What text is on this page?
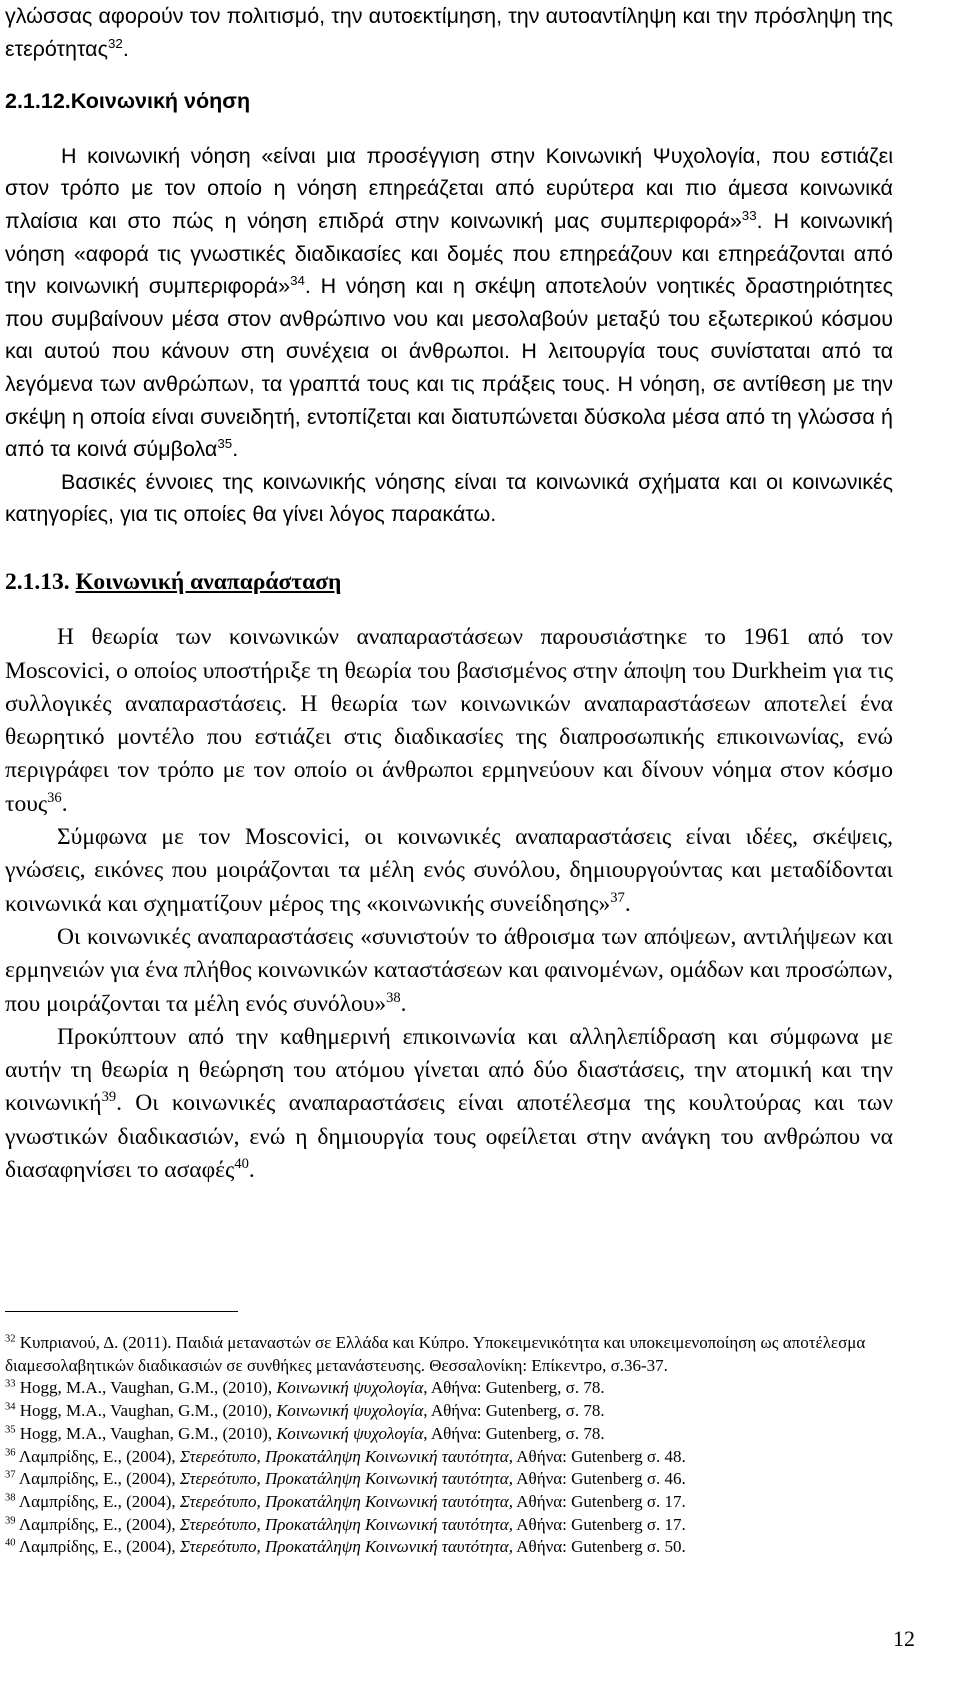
γλώσσας αφορούν τον πολιτισμό, την αυτοεκτίμηση, την αυτοαντίληψη και την πρόσληψη της ετερότητας$^{32}$.

2.1.12.Κοινωνική νόηση

Η κοινωνική νόηση «είναι μια προσέγγιση στην Κοινωνική Ψυχολογία, που εστιάζει στον τρόπο με τον οποίο η νόηση επηρεάζεται από ευρύτερα και πιο άμεσα κοινωνικά πλαίσια και στο πώς η νόηση επιδρά στην κοινωνική μας συμπεριφορά»$^{33}$. Η κοινωνική νόηση «αφορά τις γνωστικές διαδικασίες και δομές που επηρεάζουν και επηρεάζονται από την κοινωνική συμπεριφορά»$^{34}$. Η νόηση και η σκέψη αποτελούν νοητικές δραστηριότητες που συμβαίνουν μέσα στον ανθρώπινο νου και μεσολαβούν μεταξύ του εξωτερικού κόσμου και αυτού που κάνουν στη συνέχεια οι άνθρωποι. Η λειτουργία τους συνίσταται από τα λεγόμενα των ανθρώπων, τα γραπτά τους και τις πράξεις τους. Η νόηση, σε αντίθεση με την σκέψη η οποία είναι συνειδητή, εντοπίζεται και διατυπώνεται δύσκολα μέσα από τη γλώσσα ή από τα κοινά σύμβολα$^{35}$.

Βασικές έννοιες της κοινωνικής νόησης είναι τα κοινωνικά σχήματα και οι κοινωνικές κατηγορίες, για τις οποίες θα γίνει λόγος παρακάτω.

2.1.13. Κοινωνική αναπαράσταση

Η θεωρία των κοινωνικών αναπαραστάσεων παρουσιάστηκε το 1961 από τον Moscovici, ο οποίος υποστήριξε τη θεωρία του βασισμένος στην άποψη του Durkheim για τις συλλογικές αναπαραστάσεις. Η θεωρία των κοινωνικών αναπαραστάσεων αποτελεί ένα θεωρητικό μοντέλο που εστιάζει στις διαδικασίες της διαπροσωπικής επικοινωνίας, ενώ περιγράφει τον τρόπο με τον οποίο οι άνθρωποι ερμηνεύουν και δίνουν νόημα στον κόσμο τους$^{36}$.

Σύμφωνα με τον Moscovici, οι κοινωνικές αναπαραστάσεις είναι ιδέες, σκέψεις, γνώσεις, εικόνες που μοιράζονται τα μέλη ενός συνόλου, δημιουργούντας και μεταδίδονται κοινωνικά και σχηματίζουν μέρος της «κοινωνικής συνείδησης»$^{37}$.

Οι κοινωνικές αναπαραστάσεις «συνιστούν το άθροισμα των απόψεων, αντιλήψεων και ερμηνειών για ένα πλήθος κοινωνικών καταστάσεων και φαινομένων, ομάδων και προσώπων, που μοιράζονται τα μέλη ενός συνόλου»$^{38}$.

Προκύπτουν από την καθημερινή επικοινωνία και αλληλεπίδραση και σύμφωνα με αυτήν τη θεωρία η θεώρηση του ατόμου γίνεται από δύο διαστάσεις, την ατομική και την κοινωνική$^{39}$. Οι κοινωνικές αναπαραστάσεις είναι αποτέλεσμα της κουλτούρας και των γνωστικών διαδικασιών, ενώ η δημιουργία τους οφείλεται στην ανάγκη του ανθρώπου να διασαφηνίσει το ασαφές$^{40}$.

$^{32}$ Κυπριανού, Δ. (2011). Παιδιά μεταναστών σε Ελλάδα και Κύπρο. Υποκειμενικότητα και υποκειμενοποίηση ως αποτέλεσμα διαμεσολαβητικών διαδικασιών σε συνθήκες μετανάστευσης. Θεσσαλονίκη: Επίκεντρο, σ.36-37.

$^{33}$ Hogg, M.A., Vaughan, G.M., (2010), Κοινωνική ψυχολογία, Αθήνα: Gutenberg, σ. 78.

$^{34}$ Hogg, M.A., Vaughan, G.M., (2010), Κοινωνική ψυχολογία, Αθήνα: Gutenberg, σ. 78.

$^{35}$ Hogg, M.A., Vaughan, G.M., (2010), Κοινωνική ψυχολογία, Αθήνα: Gutenberg, σ. 78.

$^{36}$ Λαμπρίδης, Ε., (2004), Στερεότυπο, Προκατάληψη Κοινωνική ταυτότητα, Αθήνα: Gutenberg σ. 48.

$^{37}$ Λαμπρίδης, Ε., (2004), Στερεότυπο, Προκατάληψη Κοινωνική ταυτότητα, Αθήνα: Gutenberg σ. 46.

$^{38}$ Λαμπρίδης, Ε., (2004), Στερεότυπο, Προκατάληψη Κοινωνική ταυτότητα, Αθήνα: Gutenberg σ. 17.

$^{39}$ Λαμπρίδης, Ε., (2004), Στερεότυπο, Προκατάληψη Κοινωνική ταυτότητα, Αθήνα: Gutenberg σ. 17.

$^{40}$ Λαμπρίδης, Ε., (2004), Στερεότυπο, Προκατάληψη Κοινωνική ταυτότητα, Αθήνα: Gutenberg σ. 50.

12
